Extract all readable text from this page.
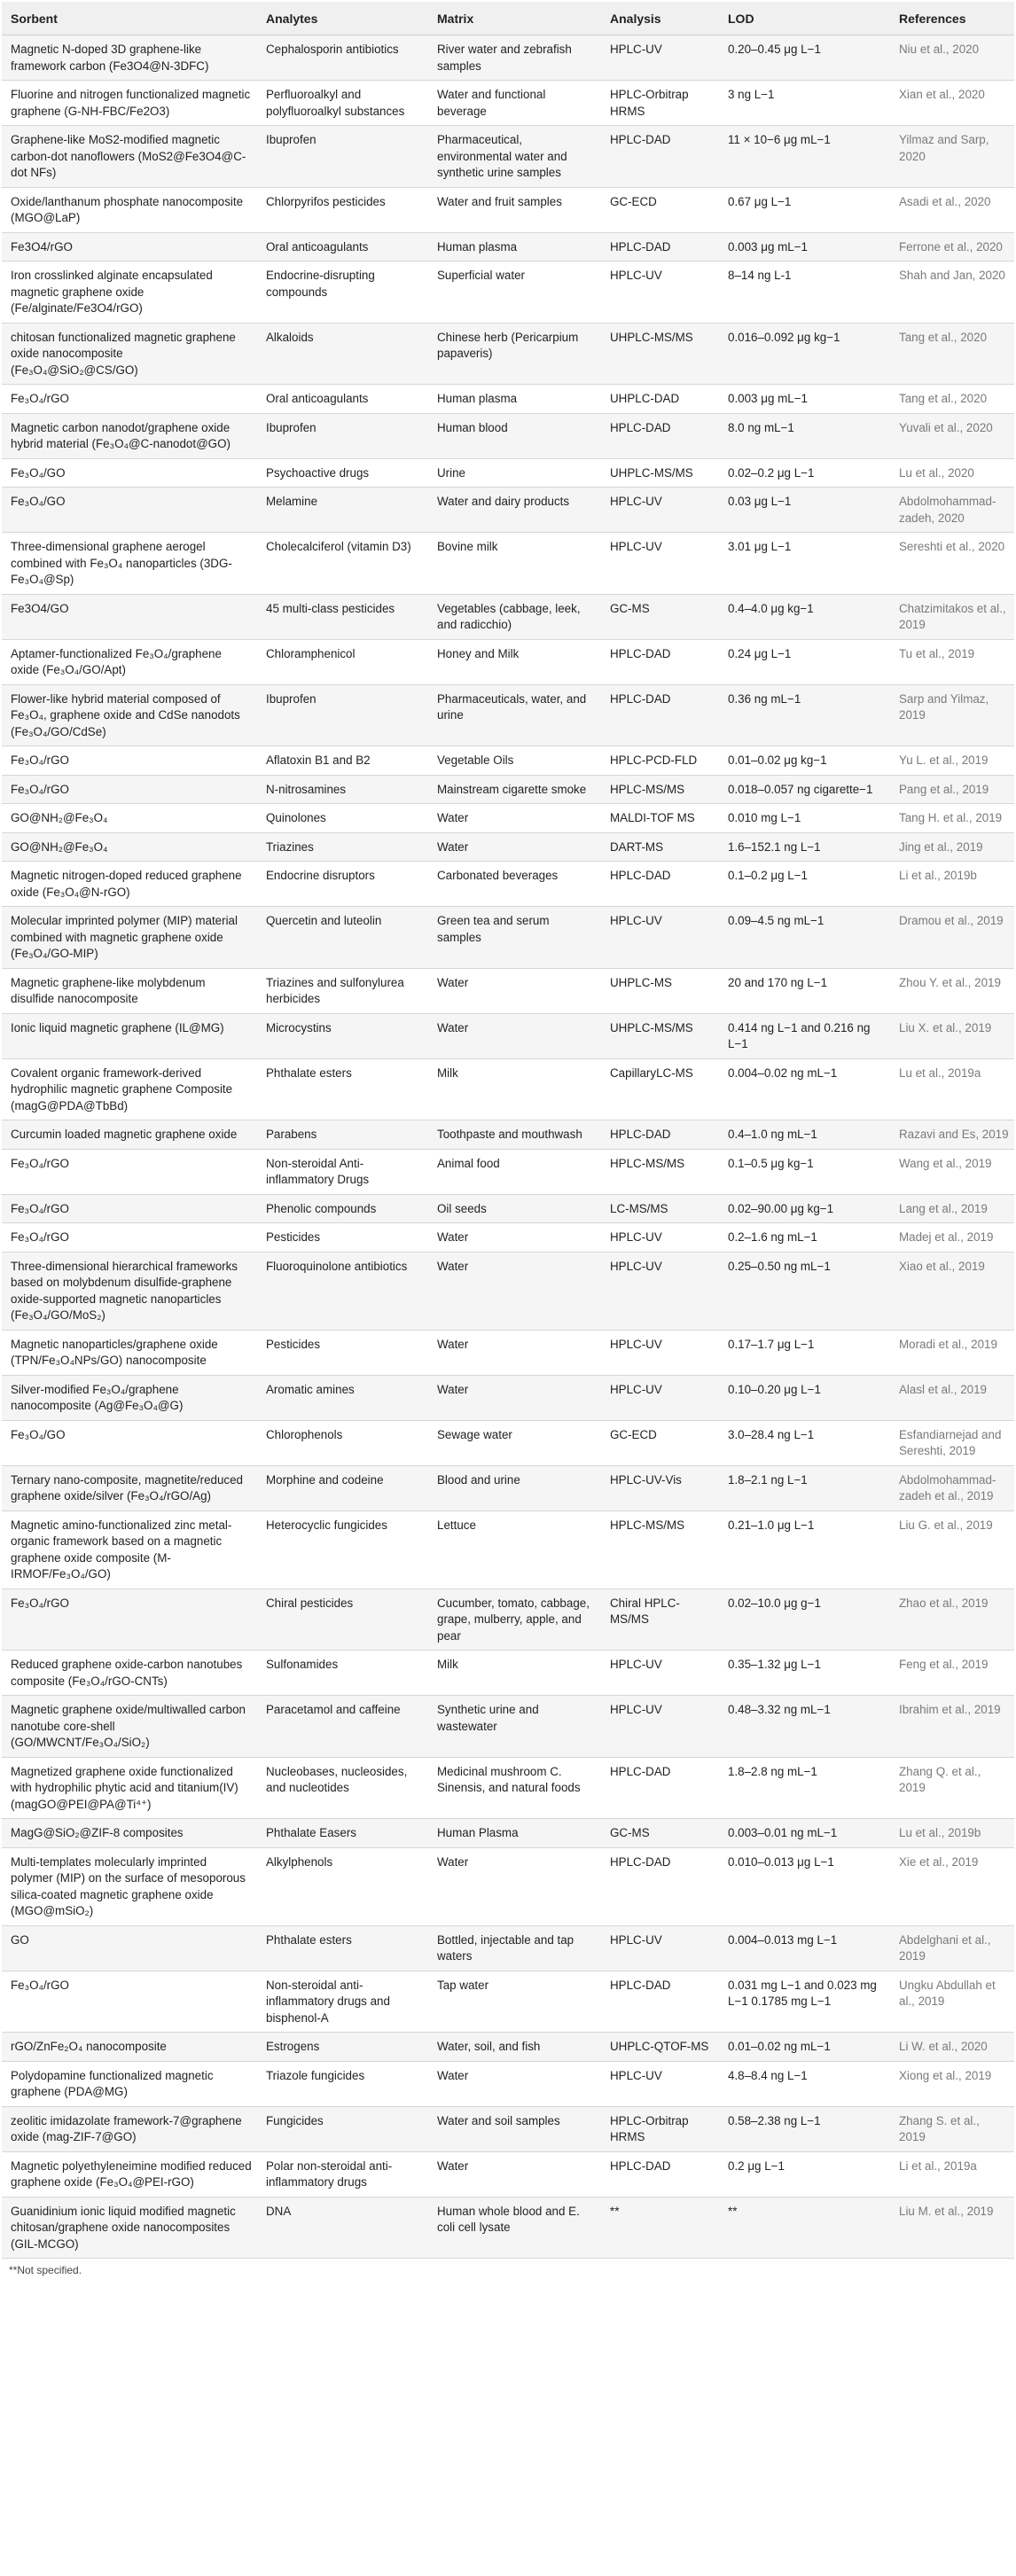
Sorbent	Analytes	Matrix	Analysis	LOD	References
Magnetic N-doped 3D graphene-like framework carbon (Fe3O4@N-3DFC)	Cephalosporin antibiotics	River water and zebrafish samples	HPLC-UV	0.20–0.45 μg L−1	Niu et al., 2020
Fluorine and nitrogen functionalized magnetic graphene (G-NH-FBC/Fe2O3)	Perfluoroalkyl and polyfluoroalkyl substances	Water and functional beverage	HPLC-Orbitrap HRMS	3 ng L−1	Xian et al., 2020
Graphene-like MoS2-modified magnetic carbon-dot nanoflowers (MoS2@Fe3O4@C-dot NFs)	Ibuprofen	Pharmaceutical, environmental water and synthetic urine samples	HPLC-DAD	11 × 10−6 μg mL−1	Yilmaz and Sarp, 2020
Oxide/lanthanum phosphate nanocomposite (MGO@LaP)	Chlorpyrifos pesticides	Water and fruit samples	GC-ECD	0.67 μg L−1	Asadi et al., 2020
Fe3O4/rGO	Oral anticoagulants	Human plasma	HPLC-DAD	0.003 μg mL−1	Ferrone et al., 2020
Iron crosslinked alginate encapsulated magnetic graphene oxide (Fe/alginate/Fe3O4/rGO)	Endocrine-disrupting compounds	Superficial water	HPLC-UV	8–14 ng L-1	Shah and Jan, 2020
chitosan functionalized magnetic graphene oxide nanocomposite (Fe₃O₄@SiO₂@CS/GO)	Alkaloids	Chinese herb (Pericarpium papaveris)	UHPLC-MS/MS	0.016–0.092 μg kg−1	Tang et al., 2020
Fe₃O₄/rGO	Oral anticoagulants	Human plasma	UHPLC-DAD	0.003 μg mL−1	Tang et al., 2020
Magnetic carbon nanodot/graphene oxide hybrid material (Fe₃O₄@C-nanodot@GO)	Ibuprofen	Human blood	HPLC-DAD	8.0 ng mL−1	Yuvali et al., 2020
Fe₃O₄/GO	Psychoactive drugs	Urine	UHPLC-MS/MS	0.02–0.2 μg L−1	Lu et al., 2020
Fe₃O₄/GO	Melamine	Water and dairy products	HPLC-UV	0.03 μg L−1	Abdolmohammad-zadeh, 2020
Three-dimensional graphene aerogel combined with Fe₃O₄ nanoparticles (3DG-Fe₃O₄@Sp)	Cholecalciferol (vitamin D3)	Bovine milk	HPLC-UV	3.01 μg L−1	Sereshti et al., 2020
Fe3O4/GO	45 multi-class pesticides	Vegetables (cabbage, leek, and radicchio)	GC-MS	0.4–4.0 μg kg−1	Chatzimitakos et al., 2019
Aptamer-functionalized Fe₃O₄/graphene oxide (Fe₃O₄/GO/Apt)	Chloramphenicol	Honey and Milk	HPLC-DAD	0.24 μg L−1	Tu et al., 2019
Flower-like hybrid material composed of Fe₃O₄, graphene oxide and CdSe nanodots (Fe₃O₄/GO/CdSe)	Ibuprofen	Pharmaceuticals, water, and urine	HPLC-DAD	0.36 ng mL−1	Sarp and Yilmaz, 2019
Fe₃O₄/rGO	Aflatoxin B1 and B2	Vegetable Oils	HPLC-PCD-FLD	0.01–0.02 μg kg−1	Yu L. et al., 2019
Fe₃O₄/rGO	N-nitrosamines	Mainstream cigarette smoke	HPLC-MS/MS	0.018–0.057 ng cigarette−1	Pang et al., 2019
GO@NH₂@Fe₃O₄	Quinolones	Water	MALDI-TOF MS	0.010 mg L−1	Tang H. et al., 2019
GO@NH₂@Fe₃O₄	Triazines	Water	DART-MS	1.6–152.1 ng L−1	Jing et al., 2019
Magnetic nitrogen-doped reduced graphene oxide (Fe₃O₄@N-rGO)	Endocrine disruptors	Carbonated beverages	HPLC-DAD	0.1–0.2 μg L−1	Li et al., 2019b
Molecular imprinted polymer (MIP) material combined with magnetic graphene oxide (Fe₃O₄/GO-MIP)	Quercetin and luteolin	Green tea and serum samples	HPLC-UV	0.09–4.5 ng mL−1	Dramou et al., 2019
Magnetic graphene-like molybdenum disulfide nanocomposite	Triazines and sulfonylurea herbicides	Water	UHPLC-MS	20 and 170 ng L−1	Zhou Y. et al., 2019
Ionic liquid magnetic graphene (IL@MG)	Microcystins	Water	UHPLC-MS/MS	0.414 ng L−1 and 0.216 ng L−1	Liu X. et al., 2019
Covalent organic framework-derived hydrophilic magnetic graphene Composite (magG@PDA@TbBd)	Phthalate esters	Milk	CapillaryLC-MS	0.004–0.02 ng mL−1	Lu et al., 2019a
Curcumin loaded magnetic graphene oxide	Parabens	Toothpaste and mouthwash	HPLC-DAD	0.4–1.0 ng mL−1	Razavi and Es, 2019
Fe₃O₄/rGO	Non-steroidal Anti-inflammatory Drugs	Animal food	HPLC-MS/MS	0.1–0.5 μg kg−1	Wang et al., 2019
Fe₃O₄/rGO	Phenolic compounds	Oil seeds	LC-MS/MS	0.02–90.00 μg kg−1	Lang et al., 2019
Fe₃O₄/rGO	Pesticides	Water	HPLC-UV	0.2–1.6 ng mL−1	Madej et al., 2019
Three-dimensional hierarchical frameworks based on molybdenum disulfide-graphene oxide-supported magnetic nanoparticles (Fe₃O₄/GO/MoS₂)	Fluoroquinolone antibiotics	Water	HPLC-UV	0.25–0.50 ng mL−1	Xiao et al., 2019
Magnetic nanoparticles/graphene oxide (TPN/Fe₃O₄NPs/GO) nanocomposite	Pesticides	Water	HPLC-UV	0.17–1.7 μg L−1	Moradi et al., 2019
Silver-modified Fe₃O₄/graphene nanocomposite (Ag@Fe₃O₄@G)	Aromatic amines	Water	HPLC-UV	0.10–0.20 μg L−1	Alasl et al., 2019
Fe₃O₄/GO	Chlorophenols	Sewage water	GC-ECD	3.0–28.4 ng L−1	Esfandiarnejad and Sereshti, 2019
Ternary nano-composite, magnetite/reduced graphene oxide/silver (Fe₃O₄/rGO/Ag)	Morphine and codeine	Blood and urine	HPLC-UV-Vis	1.8–2.1 ng L−1	Abdolmohammad-zadeh et al., 2019
Magnetic amino-functionalized zinc metal-organic framework based on a magnetic graphene oxide composite (M-IRMOF/Fe₃O₄/GO)	Heterocyclic fungicides	Lettuce	HPLC-MS/MS	0.21–1.0 μg L−1	Liu G. et al., 2019
Fe₃O₄/rGO	Chiral pesticides	Cucumber, tomato, cabbage, grape, mulberry, apple, and pear	Chiral HPLC-MS/MS	0.02–10.0 μg g−1	Zhao et al., 2019
Reduced graphene oxide-carbon nanotubes composite (Fe₃O₄/rGO-CNTs)	Sulfonamides	Milk	HPLC-UV	0.35–1.32 μg L−1	Feng et al., 2019
Magnetic graphene oxide/multiwalled carbon nanotube core-shell (GO/MWCNT/Fe₃O₄/SiO₂)	Paracetamol and caffeine	Synthetic urine and wastewater	HPLC-UV	0.48–3.32 ng mL−1	Ibrahim et al., 2019
Magnetized graphene oxide functionalized with hydrophilic phytic acid and titanium(IV) (magGO@PEI@PA@Ti⁴⁺)	Nucleobases, nucleosides, and nucleotides	Medicinal mushroom C. Sinensis, and natural foods	HPLC-DAD	1.8–2.8 ng mL−1	Zhang Q. et al., 2019
MagG@SiO₂@ZIF-8 composites	Phthalate Easers	Human Plasma	GC-MS	0.003–0.01 ng mL−1	Lu et al., 2019b
Multi-templates molecularly imprinted polymer (MIP) on the surface of mesoporous silica-coated magnetic graphene oxide (MGO@mSiO₂)	Alkylphenols	Water	HPLC-DAD	0.010–0.013 μg L−1	Xie et al., 2019
GO	Phthalate esters	Bottled, injectable and tap waters	HPLC-UV	0.004–0.013 mg L−1	Abdelghani et al., 2019
Fe₃O₄/rGO	Non-steroidal anti-inflammatory drugs and bisphenol-A	Tap water	HPLC-DAD	0.031 mg L−1 and 0.023 mg L−1 0.1785 mg L−1	Ungku Abdullah et al., 2019
rGO/ZnFe₂O₄ nanocomposite	Estrogens	Water, soil, and fish	UHPLC-QTOF-MS	0.01–0.02 ng mL−1	Li W. et al., 2020
Polydopamine functionalized magnetic graphene (PDA@MG)	Triazole fungicides	Water	HPLC-UV	4.8–8.4 ng L−1	Xiong et al., 2019
zeolitic imidazolate framework-7@graphene oxide (mag-ZIF-7@GO)	Fungicides	Water and soil samples	HPLC-Orbitrap HRMS	0.58–2.38 ng L−1	Zhang S. et al., 2019
Magnetic polyethyleneimine modified reduced graphene oxide (Fe₃O₄@PEI-rGO)	Polar non-steroidal anti-inflammatory drugs	Water	HPLC-DAD	0.2 μg L−1	Li et al., 2019a
Guanidinium ionic liquid modified magnetic chitosan/graphene oxide nanocomposites (GIL-MCGO)	DNA	Human whole blood and E. coli cell lysate	**	**	Liu M. et al., 2019
**Not specified.
